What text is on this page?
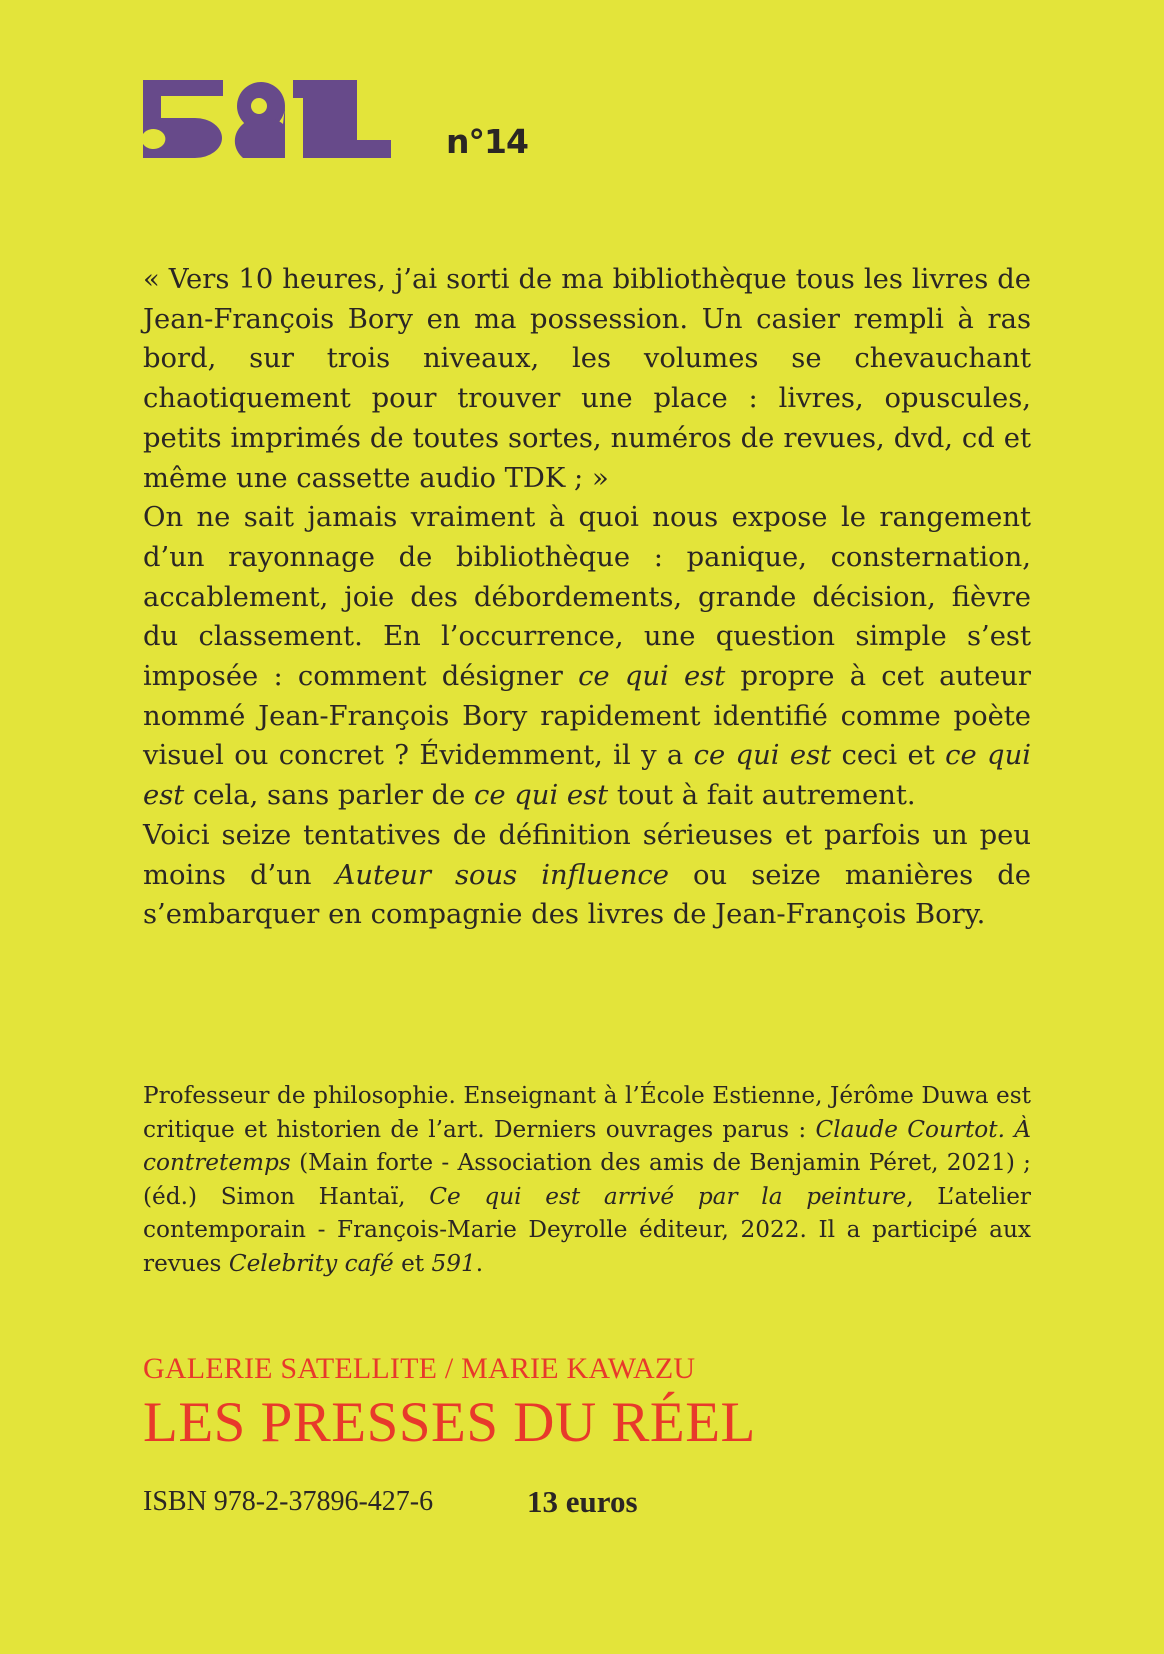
n°14

« Vers 10 heures, j’ai sorti de ma bibliothèque tous les livres de Jean-François Bory en ma possession. Un casier rempli à ras bord, sur trois niveaux, les volumes se chevauchant chaotiquement pour trouver une place : livres, opuscules, petits imprimés de toutes sortes, numéros de revues, dvd, cd et même une cassette audio TDK ; »

On ne sait jamais vraiment à quoi nous expose le rangement d’un rayonnage de bibliothèque : panique, consternation, accablement, joie des débordements, grande décision, fièvre du classement. En l’occurrence, une question simple s’est imposée : comment désigner ce qui est propre à cet auteur nommé Jean-François Bory rapidement identifié comme poète visuel ou concret ? Évidemment, il y a ce qui est ceci et ce qui est cela, sans parler de ce qui est tout à fait autrement.

Voici seize tentatives de définition sérieuses et parfois un peu moins d’un Auteur sous influence ou seize manières de s’embarquer en compagnie des livres de Jean-François Bory.

Professeur de philosophie. Enseignant à l’École Estienne, Jérôme Duwa est critique et historien de l’art. Derniers ouvrages parus : Claude Courtot. À contretemps (Main forte - Association des amis de Benjamin Péret, 2021) ; (éd.) Simon Hantaï, Ce qui est arrivé par la peinture, L’atelier contemporain - François-Marie Deyrolle éditeur, 2022. Il a participé aux revues Celebrity café et 591.

GALERIE SATELLITE / MARIE KAWAZU
LES PRESSES DU RÉEL
ISBN 978-2-37896-427-6	13 euros
